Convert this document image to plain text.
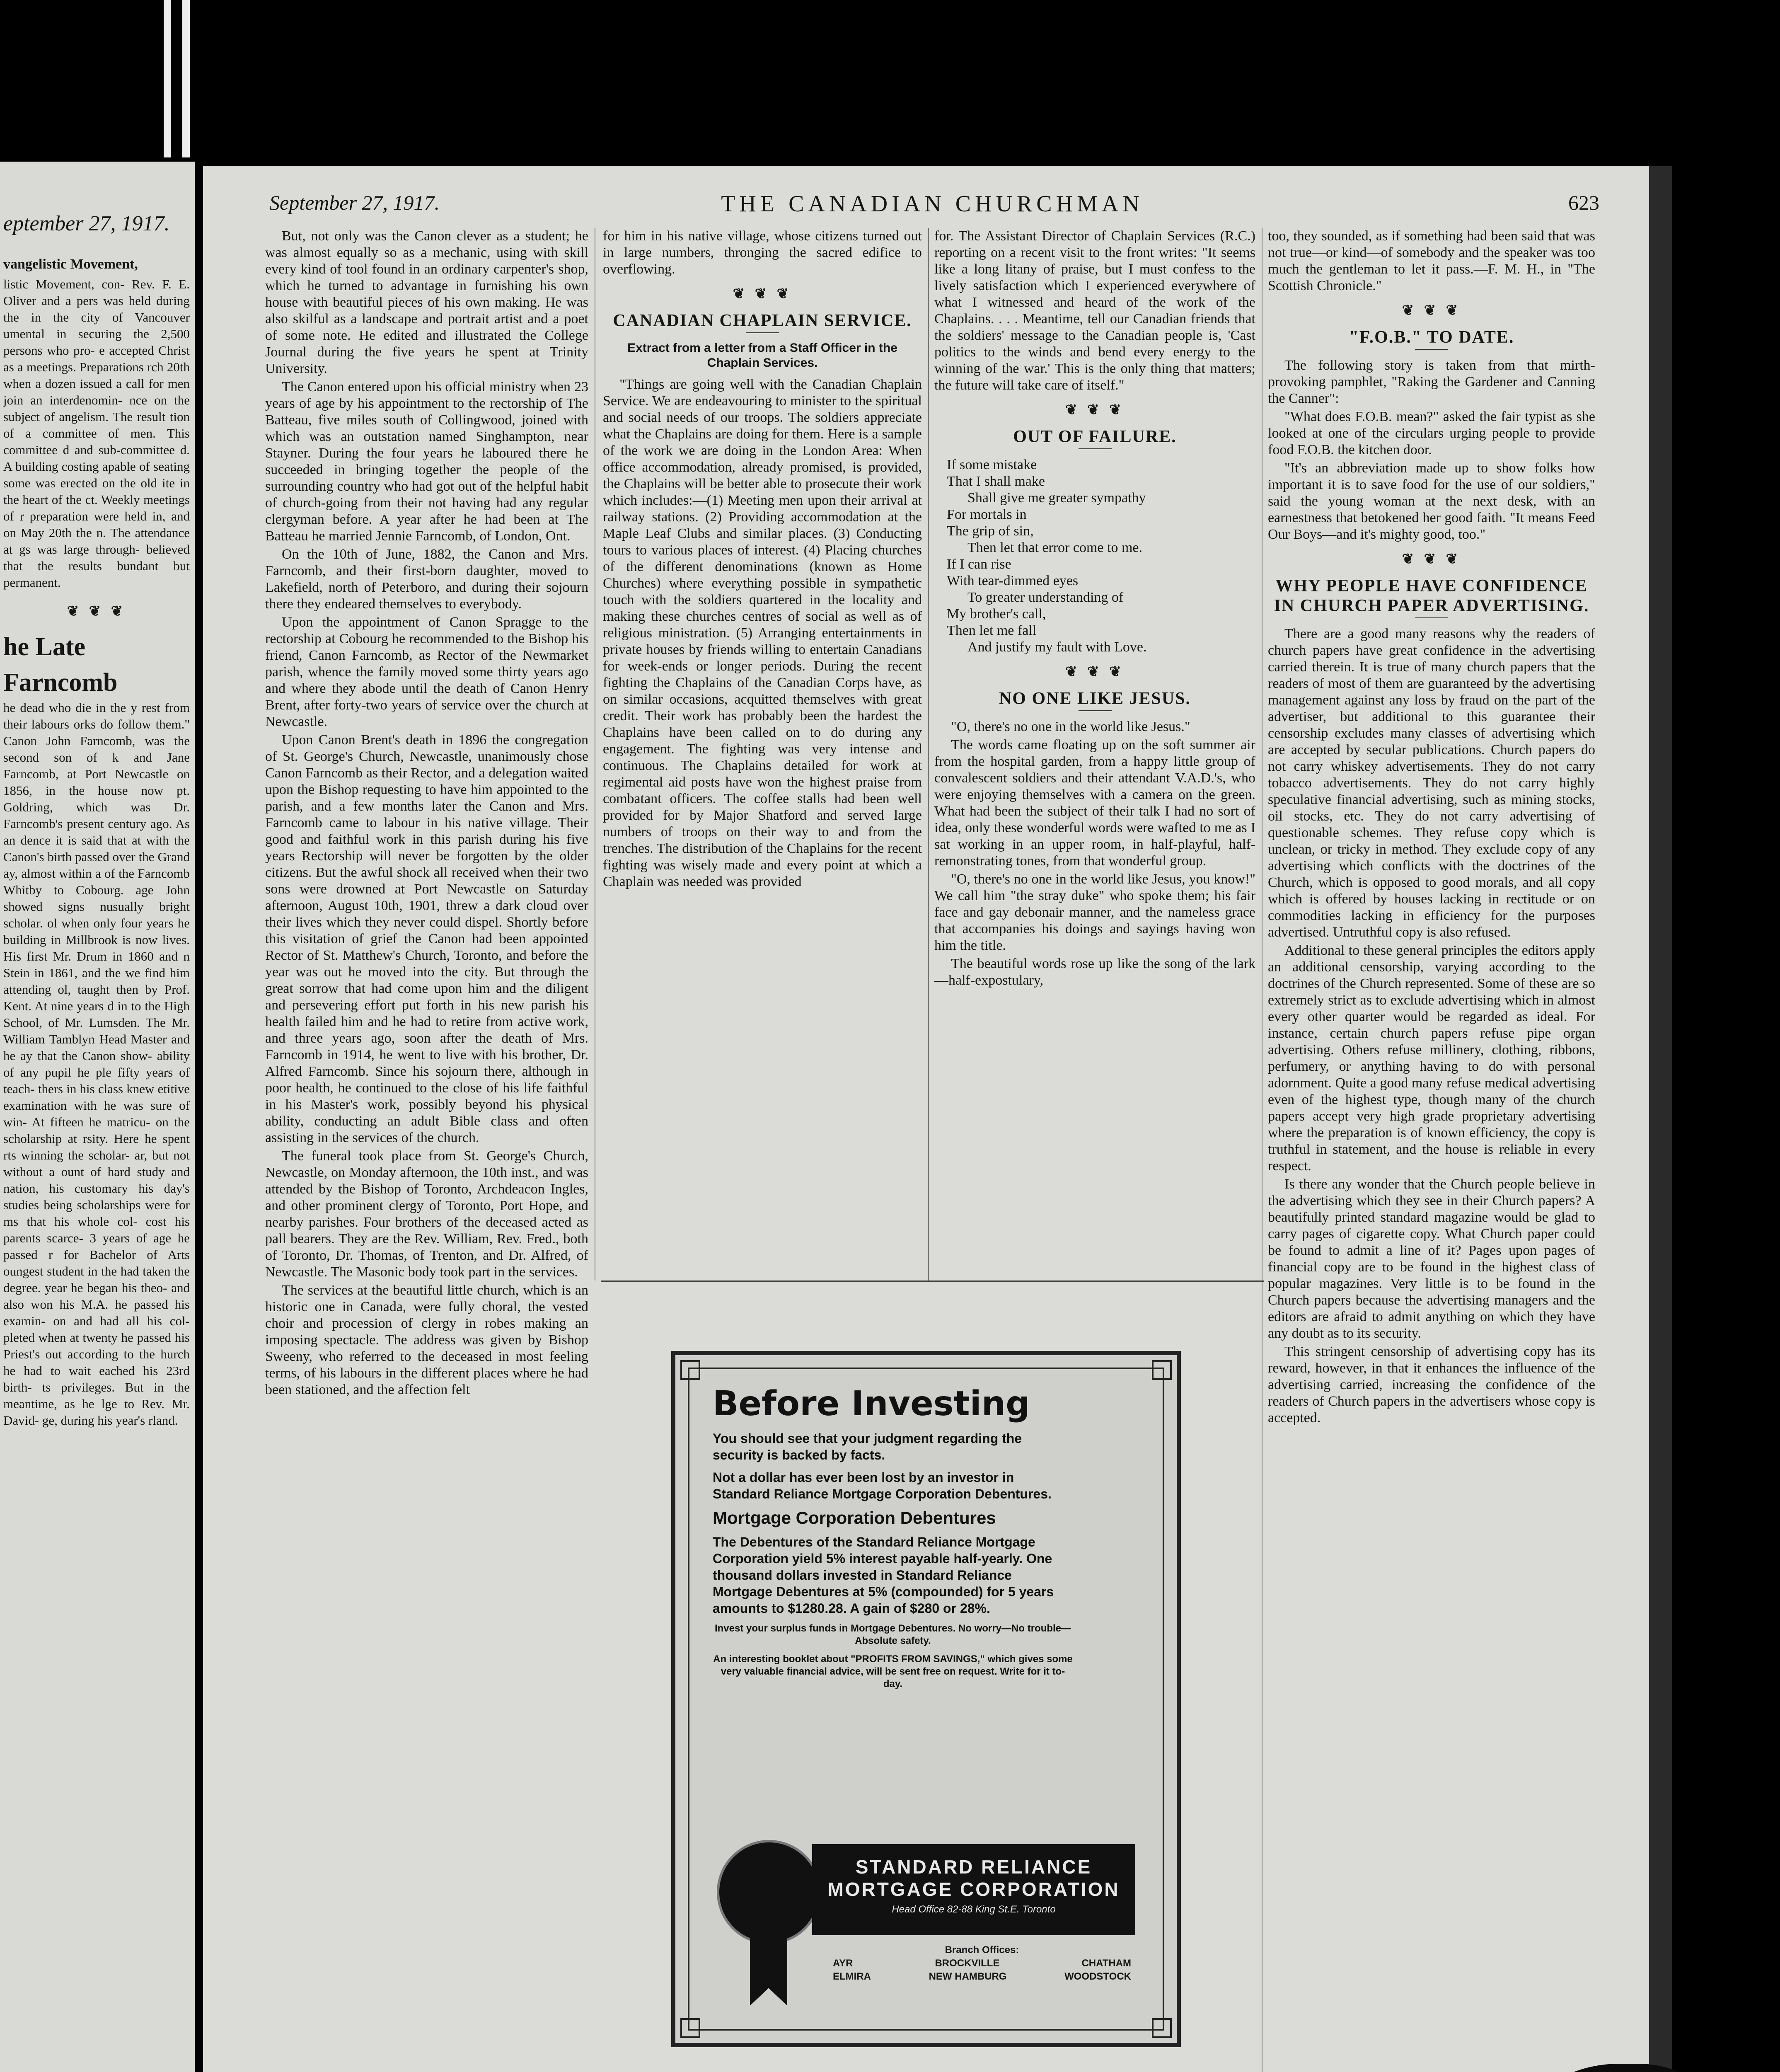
eptember 27, 1917.
vangelistic Movement,

listic Movement, con- Rev. F. E. Oliver and a pers was held during the in the city of Vancouver umental in securing the 2,500 persons who pro- e accepted Christ as a meetings. Preparations rch 20th when a dozen issued a call for men join an interdenomin- nce on the subject of angelism. The result tion of a committee of men. This committee d and sub-committee d. A building costing apable of seating some was erected on the old ite in the heart of the ct. Weekly meetings of r preparation were held in, and on May 20th the n. The attendance at gs was large through- believed that the results bundant but permanent.

❦ ❦ ❦
he Late
Farncomb

he dead who die in the y rest from their labours orks do follow them." Canon John Farncomb, was the second son of k and Jane Farncomb, at Port Newcastle on 1856, in the house now pt. Goldring, which was Dr. Farncomb's present century ago. As an dence it is said that at with the Canon's birth passed over the Grand ay, almost within a of the Farncomb Whitby to Cobourg. age John showed signs nusually bright scholar. ol when only four years he building in Millbrook is now lives. His first Mr. Drum in 1860 and n Stein in 1861, and the we find him attending ol, taught then by Prof. Kent. At nine years d in to the High School, of Mr. Lumsden. The Mr. William Tamblyn Head Master and he ay that the Canon show- ability of any pupil he ple fifty years of teach- thers in his class knew etitive examination with he was sure of win- At fifteen he matricu- on the scholarship at rsity. Here he spent rts winning the scholar- ar, but not without a ount of hard study and nation, his customary his day's studies being scholarships were for ms that his whole col- cost his parents scarce- 3 years of age he passed r for Bachelor of Arts oungest student in the had taken the degree. year he began his theo- and also won his M.A. he passed his examin- on and had all his col- pleted when at twenty he passed his Priest's out according to the hurch he had to wait eached his 23rd birth- ts privileges. But in the meantime, as he lge to Rev. Mr. David- ge, during his year's rland.

September 27, 1917.	THE CANADIAN CHURCHMAN	623

But, not only was the Canon clever as a student; he was almost equally so as a mechanic, using with skill every kind of tool found in an ordinary carpenter's shop, which he turned to advantage in furnishing his own house with beautiful pieces of his own making. He was also skilful as a landscape and portrait artist and a poet of some note. He edited and illustrated the College Journal during the five years he spent at Trinity University.

The Canon entered upon his official ministry when 23 years of age by his appointment to the rectorship of The Batteau, five miles south of Collingwood, joined with which was an outstation named Singhampton, near Stayner. During the four years he laboured there he succeeded in bringing together the people of the surrounding country who had got out of the helpful habit of church-going from their not having had any regular clergyman before. A year after he had been at The Batteau he married Jennie Farncomb, of London, Ont.

On the 10th of June, 1882, the Canon and Mrs. Farncomb, and their first-born daughter, moved to Lakefield, north of Peterboro, and during their sojourn there they endeared themselves to everybody.

Upon the appointment of Canon Spragge to the rectorship at Cobourg he recommended to the Bishop his friend, Canon Farncomb, as Rector of the Newmarket parish, whence the family moved some thirty years ago and where they abode until the death of Canon Henry Brent, after forty-two years of service over the church at Newcastle.

Upon Canon Brent's death in 1896 the congregation of St. George's Church, Newcastle, unanimously chose Canon Farncomb as their Rector, and a delegation waited upon the Bishop requesting to have him appointed to the parish, and a few months later the Canon and Mrs. Farncomb came to labour in his native village. Their good and faithful work in this parish during his five years Rectorship will never be forgotten by the older citizens. But the awful shock all received when their two sons were drowned at Port Newcastle on Saturday afternoon, August 10th, 1901, threw a dark cloud over their lives which they never could dispel. Shortly before this visitation of grief the Canon had been appointed Rector of St. Matthew's Church, Toronto, and before the year was out he moved into the city. But through the great sorrow that had come upon him and the diligent and persevering effort put forth in his new parish his health failed him and he had to retire from active work, and three years ago, soon after the death of Mrs. Farncomb in 1914, he went to live with his brother, Dr. Alfred Farncomb. Since his sojourn there, although in poor health, he continued to the close of his life faithful in his Master's work, possibly beyond his physical ability, conducting an adult Bible class and often assisting in the services of the church.

The funeral took place from St. George's Church, Newcastle, on Monday afternoon, the 10th inst., and was attended by the Bishop of Toronto, Archdeacon Ingles, and other prominent clergy of Toronto, Port Hope, and nearby parishes. Four brothers of the deceased acted as pall bearers. They are the Rev. William, Rev. Fred., both of Toronto, Dr. Thomas, of Trenton, and Dr. Alfred, of Newcastle. The Masonic body took part in the services.

The services at the beautiful little church, which is an historic one in Canada, were fully choral, the vested choir and procession of clergy in robes making an imposing spectacle. The address was given by Bishop Sweeny, who referred to the deceased in most feeling terms, of his labours in the different places where he had been stationed, and the affection felt

for him in his native village, whose citizens turned out in large numbers, thronging the sacred edifice to overflowing.

❦ ❦ ❦
CANADIAN CHAPLAIN SERVICE.
Extract from a letter from a Staff Officer in the Chaplain Services.

"Things are going well with the Canadian Chaplain Service. We are endeavouring to minister to the spiritual and social needs of our troops. The soldiers appreciate what the Chaplains are doing for them. Here is a sample of the work we are doing in the London Area: When office accommodation, already promised, is provided, the Chaplains will be better able to prosecute their work which includes:—(1) Meeting men upon their arrival at railway stations. (2) Providing accommodation at the Maple Leaf Clubs and similar places. (3) Conducting tours to various places of interest. (4) Placing churches of the different denominations (known as Home Churches) where everything possible in sympathetic touch with the soldiers quartered in the locality and making these churches centres of social as well as of religious ministration. (5) Arranging entertainments in private houses by friends willing to entertain Canadians for week-ends or longer periods. During the recent fighting the Chaplains of the Canadian Corps have, as on similar occasions, acquitted themselves with great credit. Their work has probably been the hardest the Chaplains have been called on to do during any engagement. The fighting was very intense and continuous. The Chaplains detailed for work at regimental aid posts have won the highest praise from combatant officers. The coffee stalls had been well provided for by Major Shatford and served large numbers of troops on their way to and from the trenches. The distribution of the Chaplains for the recent fighting was wisely made and every point at which a Chaplain was needed was provided

for. The Assistant Director of Chaplain Services (R.C.) reporting on a recent visit to the front writes: "It seems like a long litany of praise, but I must confess to the lively satisfaction which I experienced everywhere of what I witnessed and heard of the work of the Chaplains. . . . Meantime, tell our Canadian friends that the soldiers' message to the Canadian people is, 'Cast politics to the winds and bend every energy to the winning of the war.' This is the only thing that matters; the future will take care of itself."

❦ ❦ ❦
OUT OF FAILURE.
If some mistake
That I shall make
Shall give me greater sympathy
For mortals in
The grip of sin,
Then let that error come to me.
If I can rise
With tear-dimmed eyes
To greater understanding of
My brother's call,
Then let me fall
And justify my fault with Love.
❦ ❦ ❦
NO ONE LIKE JESUS.

"O, there's no one in the world like Jesus."

The words came floating up on the soft summer air from the hospital garden, from a happy little group of convalescent soldiers and their attendant V.A.D.'s, who were enjoying themselves with a camera on the green. What had been the subject of their talk I had no sort of idea, only these wonderful words were wafted to me as I sat working in an upper room, in half-playful, half-remonstrating tones, from that wonderful group.

"O, there's no one in the world like Jesus, you know!" We call him "the stray duke" who spoke them; his fair face and gay debonair manner, and the nameless grace that accompanies his doings and sayings having won him the title.

The beautiful words rose up like the song of the lark—half-expostulary,

too, they sounded, as if something had been said that was not true—or kind—of somebody and the speaker was too much the gentleman to let it pass.—F. M. H., in "The Scottish Chronicle."

❦ ❦ ❦
"F.O.B." TO DATE.

The following story is taken from that mirth-provoking pamphlet, "Raking the Gardener and Canning the Canner":

"What does F.O.B. mean?" asked the fair typist as she looked at one of the circulars urging people to provide food F.O.B. the kitchen door.

"It's an abbreviation made up to show folks how important it is to save food for the use of our soldiers," said the young woman at the next desk, with an earnestness that betokened her good faith. "It means Feed Our Boys—and it's mighty good, too."

❦ ❦ ❦
WHY PEOPLE HAVE CONFIDENCE IN CHURCH PAPER ADVERTISING.

There are a good many reasons why the readers of church papers have great confidence in the advertising carried therein. It is true of many church papers that the readers of most of them are guaranteed by the advertising management against any loss by fraud on the part of the advertiser, but additional to this guarantee their censorship excludes many classes of advertising which are accepted by secular publications. Church papers do not carry whiskey advertisements. They do not carry tobacco advertisements. They do not carry highly speculative financial advertising, such as mining stocks, oil stocks, etc. They do not carry advertising of questionable schemes. They refuse copy which is unclean, or tricky in method. They exclude copy of any advertising which conflicts with the doctrines of the Church, which is opposed to good morals, and all copy which is offered by houses lacking in rectitude or on commodities lacking in efficiency for the purposes advertised. Untruthful copy is also refused.

Additional to these general principles the editors apply an additional censorship, varying according to the doctrines of the Church represented. Some of these are so extremely strict as to exclude advertising which in almost every other quarter would be regarded as ideal. For instance, certain church papers refuse pipe organ advertising. Others refuse millinery, clothing, ribbons, perfumery, or anything having to do with personal adornment. Quite a good many refuse medical advertising even of the highest type, though many of the church papers accept very high grade proprietary advertising where the preparation is of known efficiency, the copy is truthful in statement, and the house is reliable in every respect.

Is there any wonder that the Church people believe in the advertising which they see in their Church papers? A beautifully printed standard magazine would be glad to carry pages of cigarette copy. What Church paper could be found to admit a line of it? Pages upon pages of financial copy are to be found in the highest class of popular magazines. Very little is to be found in the Church papers because the advertising managers and the editors are afraid to admit anything on which they have any doubt as to its security.

This stringent censorship of advertising copy has its reward, however, in that it enhances the influence of the advertising carried, increasing the confidence of the readers of Church papers in the advertisers whose copy is accepted.

Before Investing
You should see that your judgment regarding the security is backed by facts.
Not a dollar has ever been lost by an investor in Standard Reliance Mortgage Corporation Debentures.
Mortgage Corporation Debentures
The Debentures of the Standard Reliance Mortgage Corporation yield 5% interest payable half-yearly. One thousand dollars invested in Standard Reliance Mortgage Debentures at 5% (compounded) for 5 years amounts to $1280.28. A gain of $280 or 28%.
Invest your surplus funds in Mortgage Debentures. No worry—No trouble—Absolute safety.
An interesting booklet about "PROFITS FROM SAVINGS," which gives some very valuable financial advice, will be sent free on request. Write for it to-day.
STANDARD RELIANCE
MORTGAGE CORPORATION
Head Office 82-88 King St.E. Toronto
Branch Offices:
AYR	BROCKVILLE	CHATHAM
ELMIRA	NEW HAMBURG	WOODSTOCK
